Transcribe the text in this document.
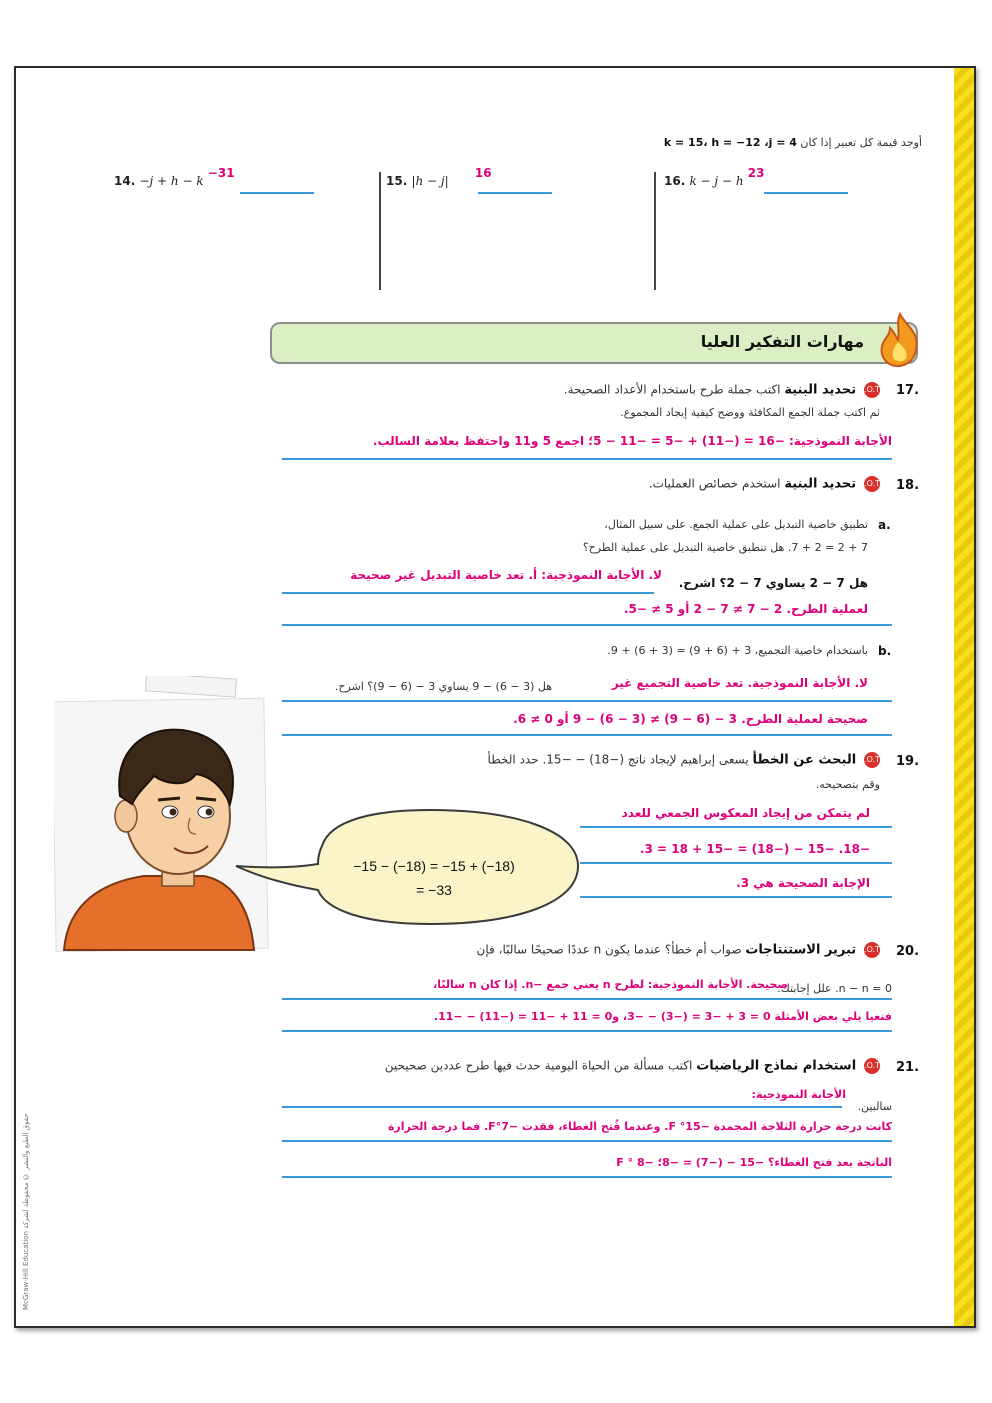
أوجد قيمة كل تعبير إذا كان k = 15، h = −12 ،j = 4
14. −j + h − k −31
15. |h − j| 16
16. k − j − h 23
مهارات التفكير العليا
17.
H.O.T. تحديد البنية اكتب جملة طرح باستخدام الأعداد الصحيحة.
ثم اكتب جملة الجمع المكافئة ووضح كيفية إيجاد المجموع.
الأجابة النموذجية: −16 = (−11) + −5 = −11 − 5؛ اجمع 5 و11 واحتفظ بعلامة السالب.
18.
H.O.T. تحديد البنية استخدم خصائص العمليات.
a.
تطبيق خاصية التبديل على عملية الجمع. على سبيل المثال،
7 + 2 = 2 + 7. هل تنطبق خاصية التبديل على عملية الطرح؟
لا. الأجابة النموذجية: أ. تعد خاصية التبديل غير صحيحة
هل 7 − 2 يساوي 7 − 2؟ اشرح.
لعملية الطرح. 2 − 7 ≠ 7 − 2 أو 5 ≠ −5.
b.
باستخدام خاصية التجميع، 3 + (6 + 9) = (3 + 6) + 9.
هل (3 − 6) − 9 يساوي 3 − (6 − 9)؟ اشرح.	لا. الأجابة النموذجية. تعد خاصية التجميع غير
صحيحة لعملية الطرح. 3 − (6 − 9) ≠ (3 − 6) − 9 أو 0 ≠ 6.
−15 − (−18) = −15 + (−18)
= −33
19.
H.O.T. البحث عن الخطأ يسعى إبراهيم لإيجاد ناتج (−18) − −15. حدد الخطأ
وقم بتصحيحه.
لم يتمكن من إيجاد المعكوس الجمعي للعدد
−18. −15 − (−18) = −15 + 18 = 3.
الإجابة الصحيحة هي 3.
20.
H.O.T. تبرير الاستنتاجات صواب أم خطأ؟ عندما يكون n عددًا صحيحًا سالبًا، فإن
n − n = 0. علل إجابتك.
صحيحة. الأجابة النموذجية: لطرح n يعني جمع −n. إذا كان n سالبًا،
فنعيا يلي بعض الأمثلة 0 = 3 + −3 = (−3) − −3، و0 = 11 + −11 = (−11) − −11.
21.
H.O.T. استخدام نماذج الرياضيات اكتب مسألة من الحياة اليومية حدث فيها طرح عددين صحيحين
سالبين.
الأجابة النموذجية:
كانت درجة حرارة الثلاجة المجمدة −15° F. وعندما فُتح الغطاء، فقدت −7°F. فما درجة الحرارة
الناتجة بعد فتح الغطاء؟ −15 − (−7) = −8؛ −8 ° F
McGraw-Hill Education حقوق الطبع والنشر © محفوظة لشركة
